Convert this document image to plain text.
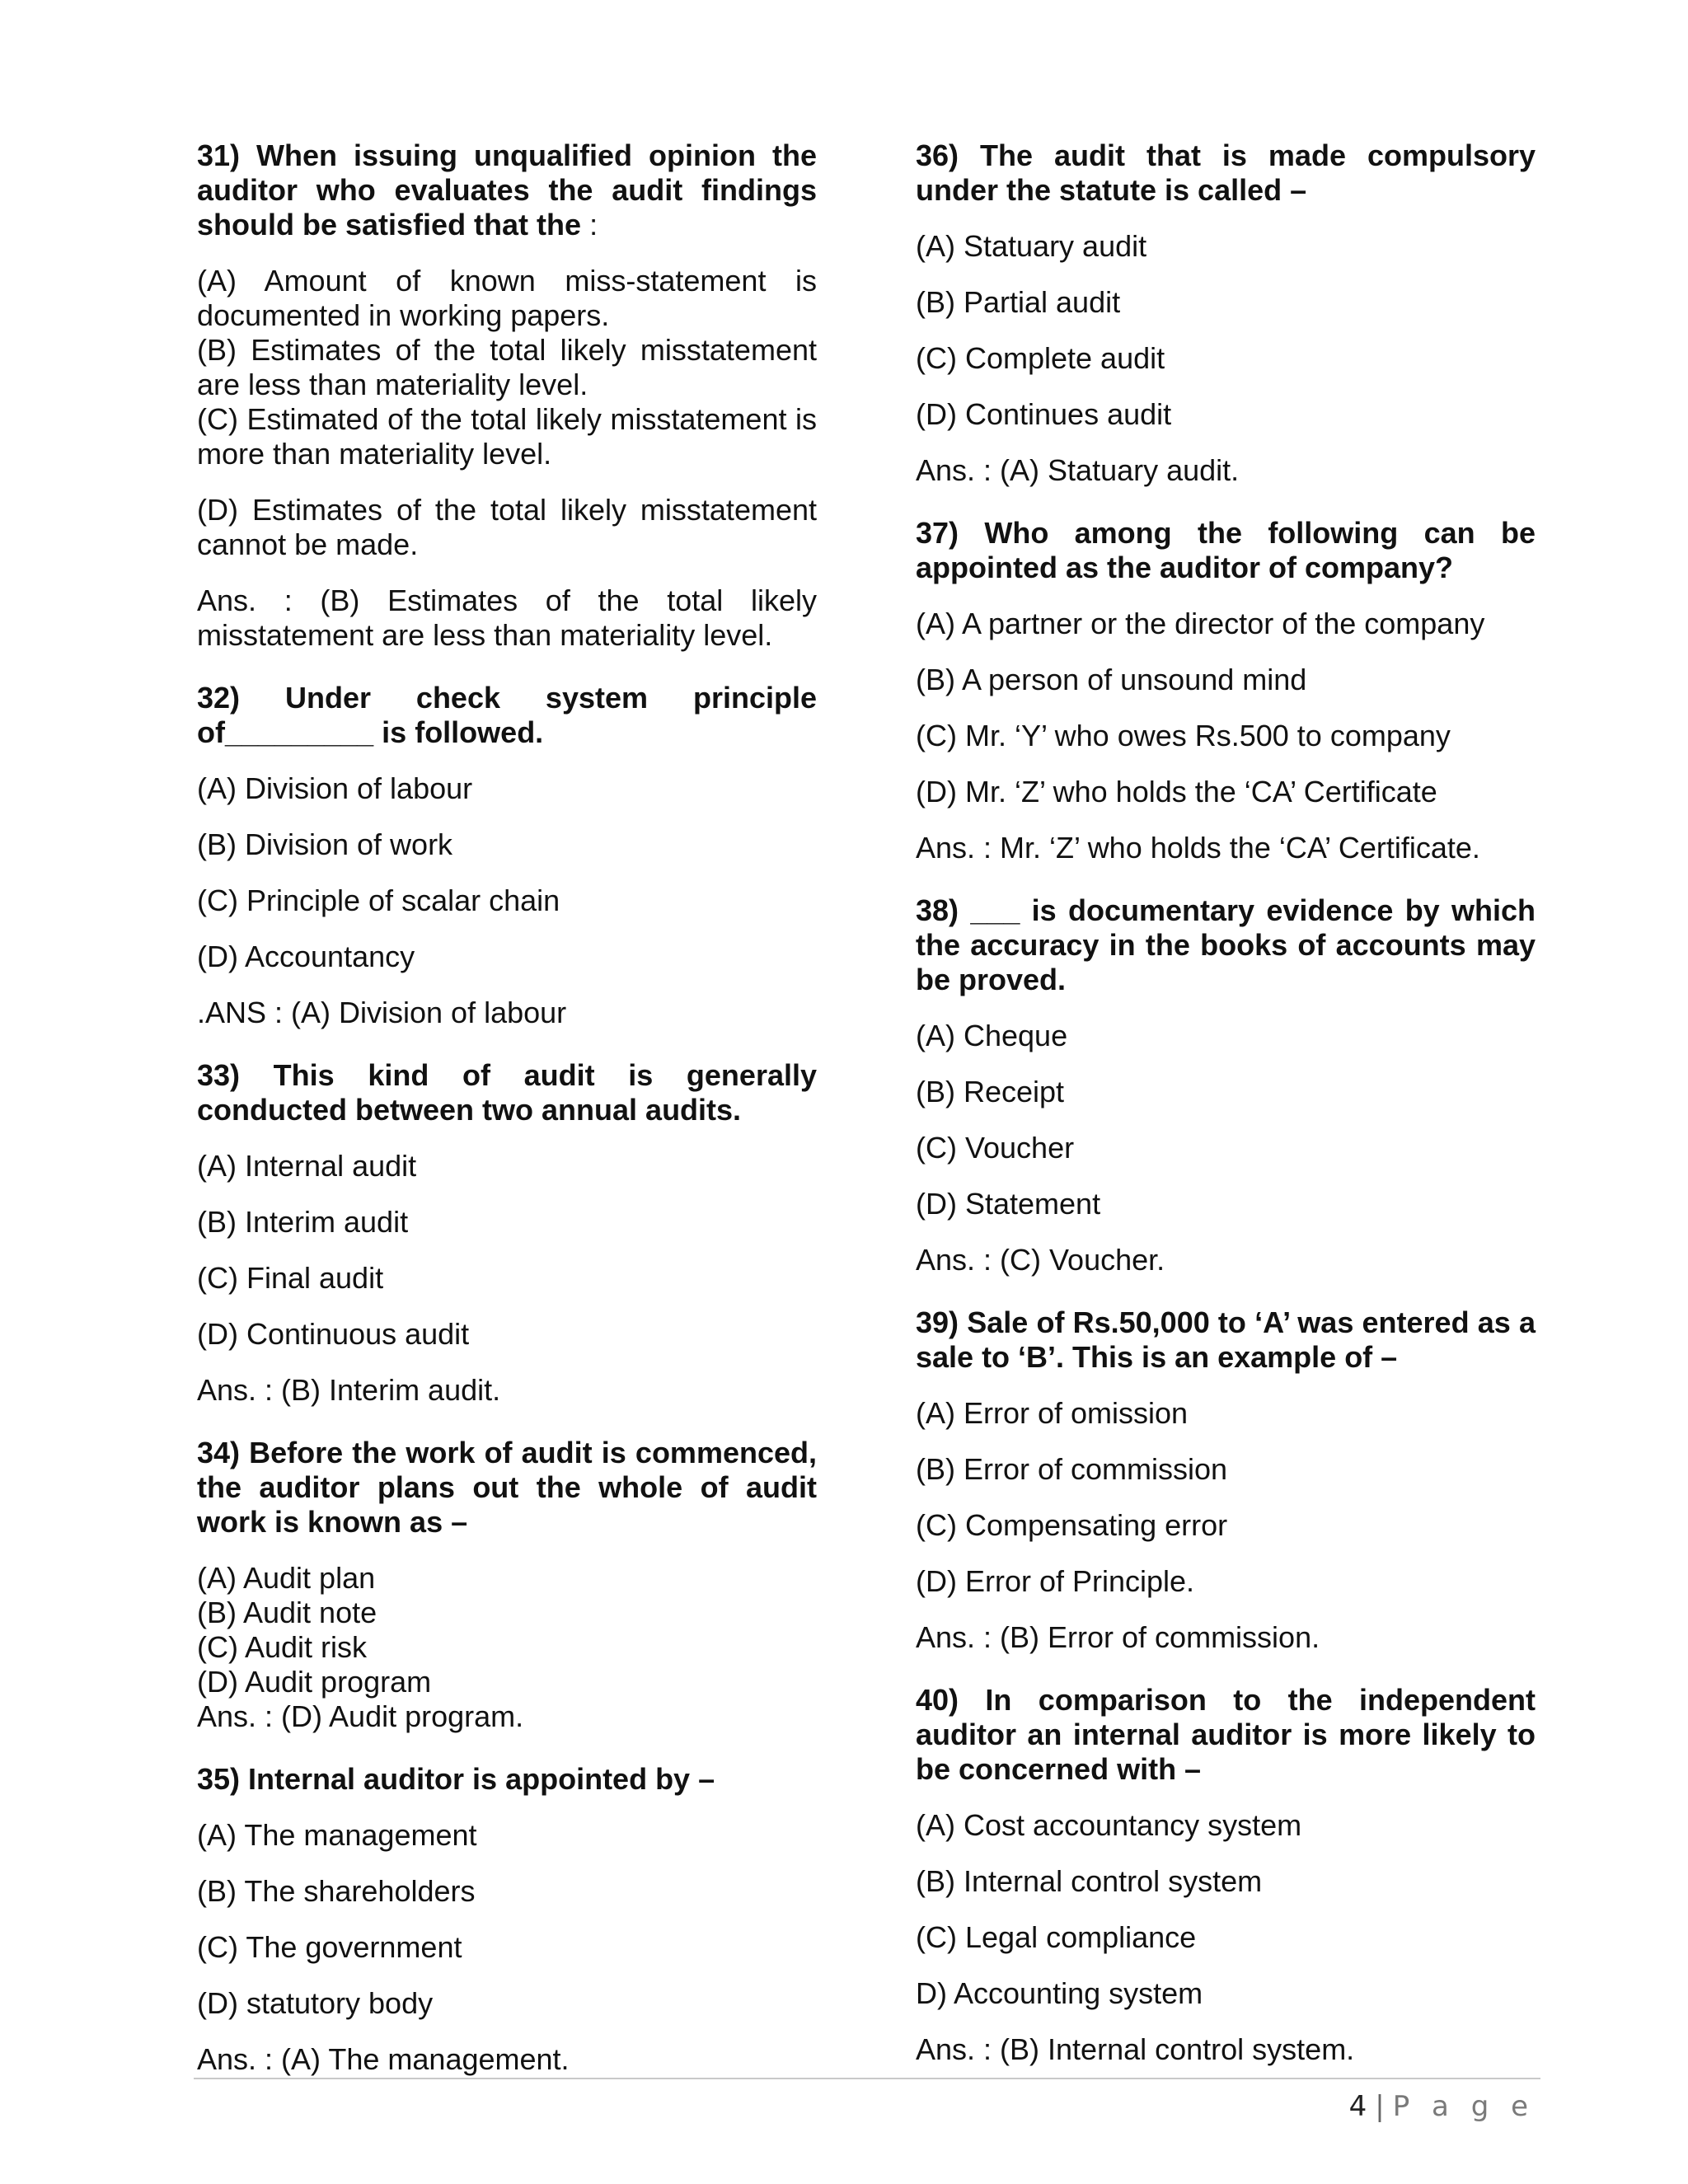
31) When issuing unqualified opinion the auditor who evaluates the audit findings should be satisfied that the :

(A) Amount of known miss-statement is documented in working papers.

(B) Estimates of the total likely misstatement are less than materiality level.

(C) Estimated of the total likely misstatement is more than materiality level.

(D) Estimates of the total likely misstatement cannot be made.

Ans. : (B) Estimates of the total likely misstatement are less than materiality level.

32) Under check system principle of_________ is followed.

(A) Division of labour

(B) Division of work

(C) Principle of scalar chain

(D) Accountancy

.ANS : (A) Division of labour

33) This kind of audit is generally conducted between two annual audits.

(A) Internal audit

(B) Interim audit

(C) Final audit

(D) Continuous audit

Ans. : (B) Interim audit.

34) Before the work of audit is commenced, the auditor plans out the whole of audit work is known as –

(A) Audit plan

(B) Audit note

(C) Audit risk

(D) Audit program

Ans. : (D) Audit program.

35) Internal auditor is appointed by –

(A) The management

(B) The shareholders

(C) The government

(D) statutory body

Ans. : (A) The management.

36) The audit that is made compulsory under the statute is called –

(A) Statuary audit

(B) Partial audit

(C) Complete audit

(D) Continues audit

Ans. : (A) Statuary audit.

37) Who among the following can be appointed as the auditor of company?

(A) A partner or the director of the company

(B) A person of unsound mind

(C) Mr. ‘Y’ who owes Rs.500 to company

(D) Mr. ‘Z’ who holds the ‘CA’ Certificate

Ans. : Mr. ‘Z’ who holds the ‘CA’ Certificate.

38) ___ is documentary evidence by which the accuracy in the books of accounts may be proved.

(A) Cheque

(B) Receipt

(C) Voucher

(D) Statement

Ans. : (C) Voucher.

39) Sale of Rs.50,000 to ‘A’ was entered as a sale to ‘B’. This is an example of –

(A) Error of omission

(B) Error of commission

(C) Compensating error

(D) Error of Principle.

Ans. : (B) Error of commission.

40) In comparison to the independent auditor an internal auditor is more likely to be concerned with –

(A) Cost accountancy system

(B) Internal control system

(C) Legal compliance

D) Accounting system

Ans. : (B) Internal control system.

4 | P a g e
